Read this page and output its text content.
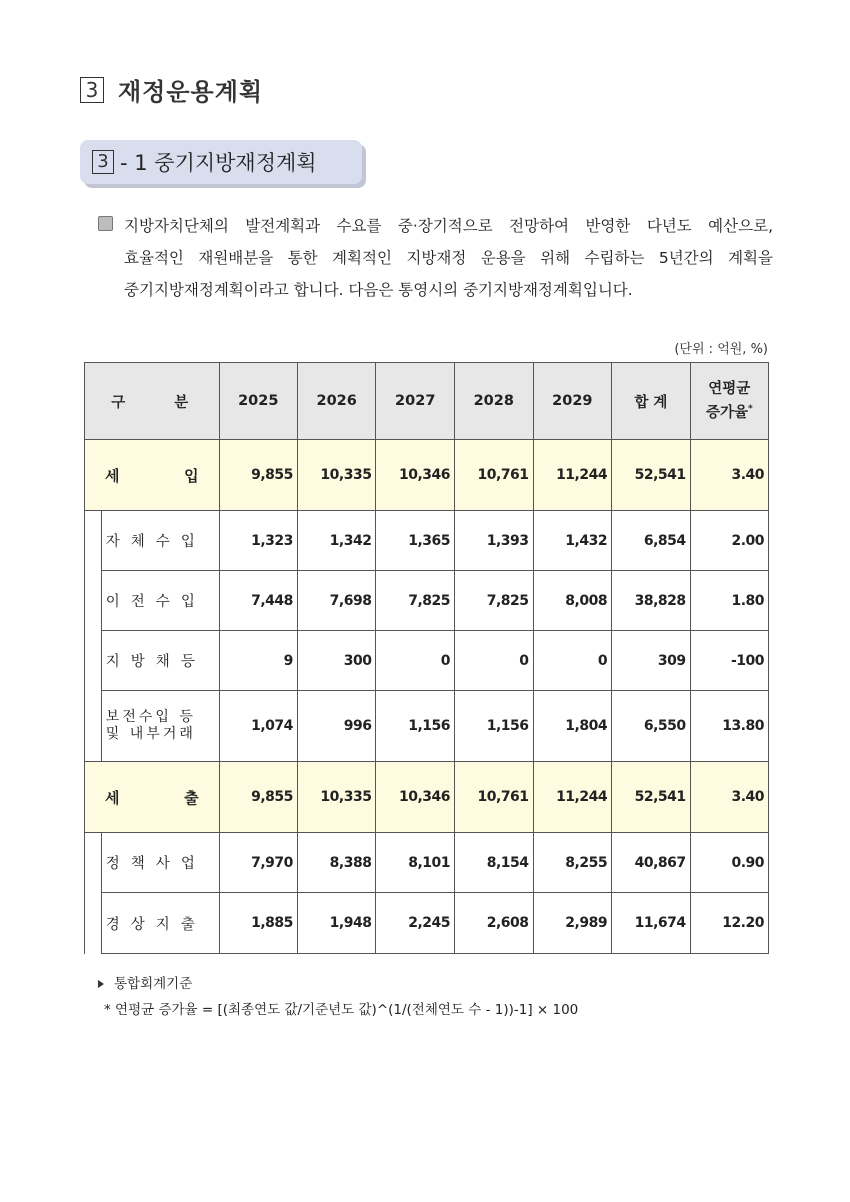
3 재정운용계획
3 - 1 중기지방재정계획
지방자치단체의 발전계획과 수요를 중·장기적으로 전망하여 반영한 다년도 예산으로,
효율적인 재원배분을 통한 계획적인 지방재정 운용을 위해 수립하는 5년간의 계획을
중기지방재정계획이라고 합니다. 다음은 통영시의 중기지방재정계획입니다.
(단위 : 억원, %)
구 분		2025	2026	2027	2028	2029	합 계	연평균
증가율*

세 입		9,855	10,335	10,346	10,761	11,244	52,541	3.40
	자체수입	1,323	1,342	1,365	1,393	1,432	6,854	2.00
	이전수입	7,448	7,698	7,825	7,825	8,008	38,828	1.80
	지방채등	9	300	0	0	0	309	-100
	보전수입 등
및 내부거래	1,074	996	1,156	1,156	1,804	6,550	13.80

세 출		9,855	10,335	10,346	10,761	11,244	52,541	3.40
	정책사업	7,970	8,388	8,101	8,154	8,255	40,867	0.90
	경상지출	1,885	1,948	2,245	2,608	2,989	11,674	12.20
통합회계기준
* 연평균 증가율 = [(최종연도 값/기준년도 값)^(1/(전체연도 수 - 1))-1] × 100
